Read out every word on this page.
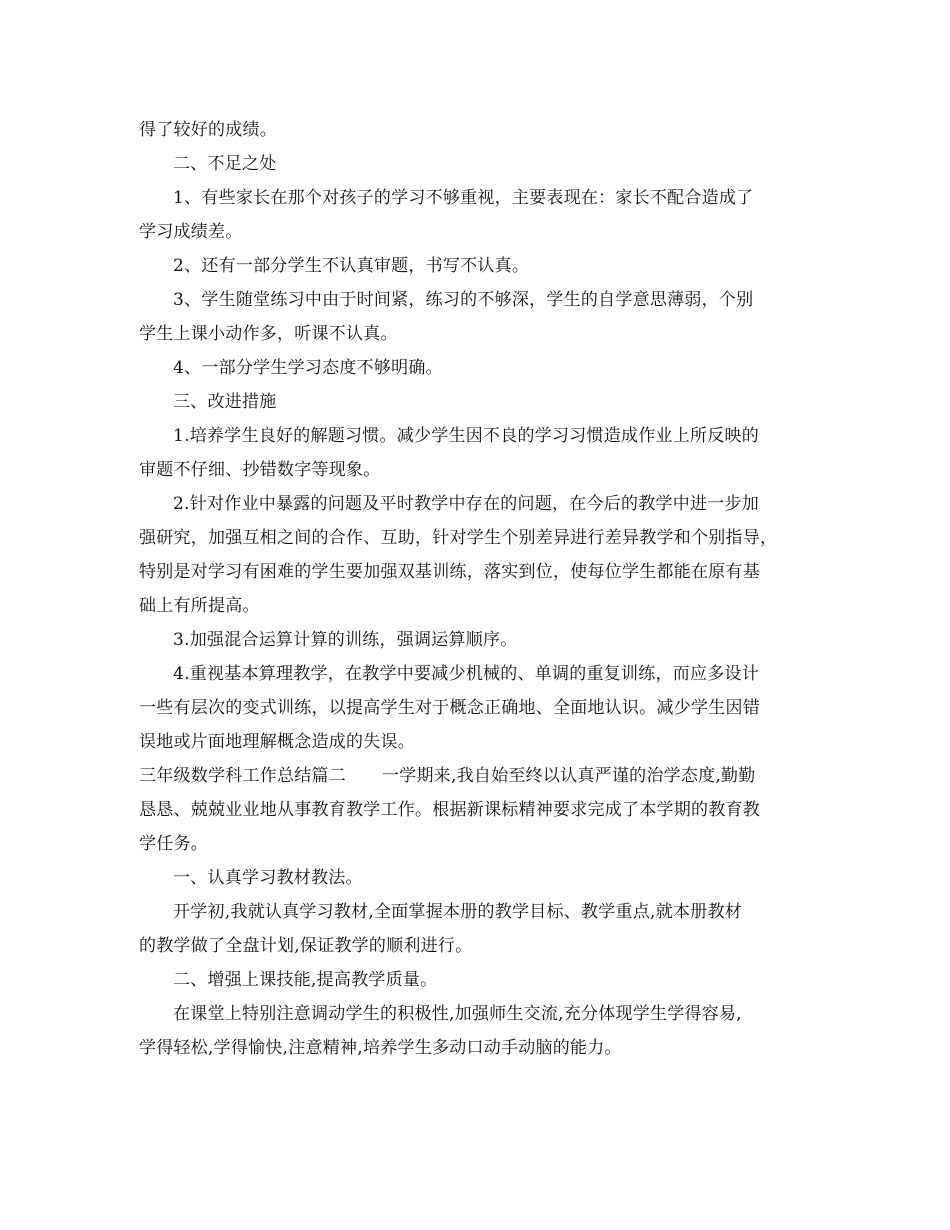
得了较好的成绩。
二、不足之处
1、有些家长在那个对孩子的学习不够重视，主要表现在：家长不配合造成了
学习成绩差。
2、还有一部分学生不认真审题，书写不认真。
3、学生随堂练习中由于时间紧，练习的不够深，学生的自学意思薄弱，个别
学生上课小动作多，听课不认真。
4、一部分学生学习态度不够明确。
三、改进措施
1.培养学生良好的解题习惯。减少学生因不良的学习习惯造成作业上所反映的
审题不仔细、抄错数字等现象。
2.针对作业中暴露的问题及平时教学中存在的问题，在今后的教学中进一步加
强研究，加强互相之间的合作、互助，针对学生个别差异进行差异教学和个别指导，
特别是对学习有困难的学生要加强双基训练，落实到位，使每位学生都能在原有基
础上有所提高。
3.加强混合运算计算的训练，强调运算顺序。
4.重视基本算理教学，在教学中要减少机械的、单调的重复训练，而应多设计
一些有层次的变式训练，以提高学生对于概念正确地、全面地认识。减少学生因错
误地或片面地理解概念造成的失误。
三年级数学科工作总结篇二 一学期来,我自始至终以认真严谨的治学态度,勤勤
恳恳、兢兢业业地从事教育教学工作。根据新课标精神要求完成了本学期的教育教
学任务。
一、认真学习教材教法。
开学初,我就认真学习教材,全面掌握本册的教学目标、教学重点,就本册教材
的教学做了全盘计划,保证教学的顺利进行。
二、增强上课技能,提高教学质量。
在课堂上特别注意调动学生的积极性,加强师生交流,充分体现学生学得容易,
学得轻松,学得愉快,注意精神,培养学生多动口动手动脑的能力。
